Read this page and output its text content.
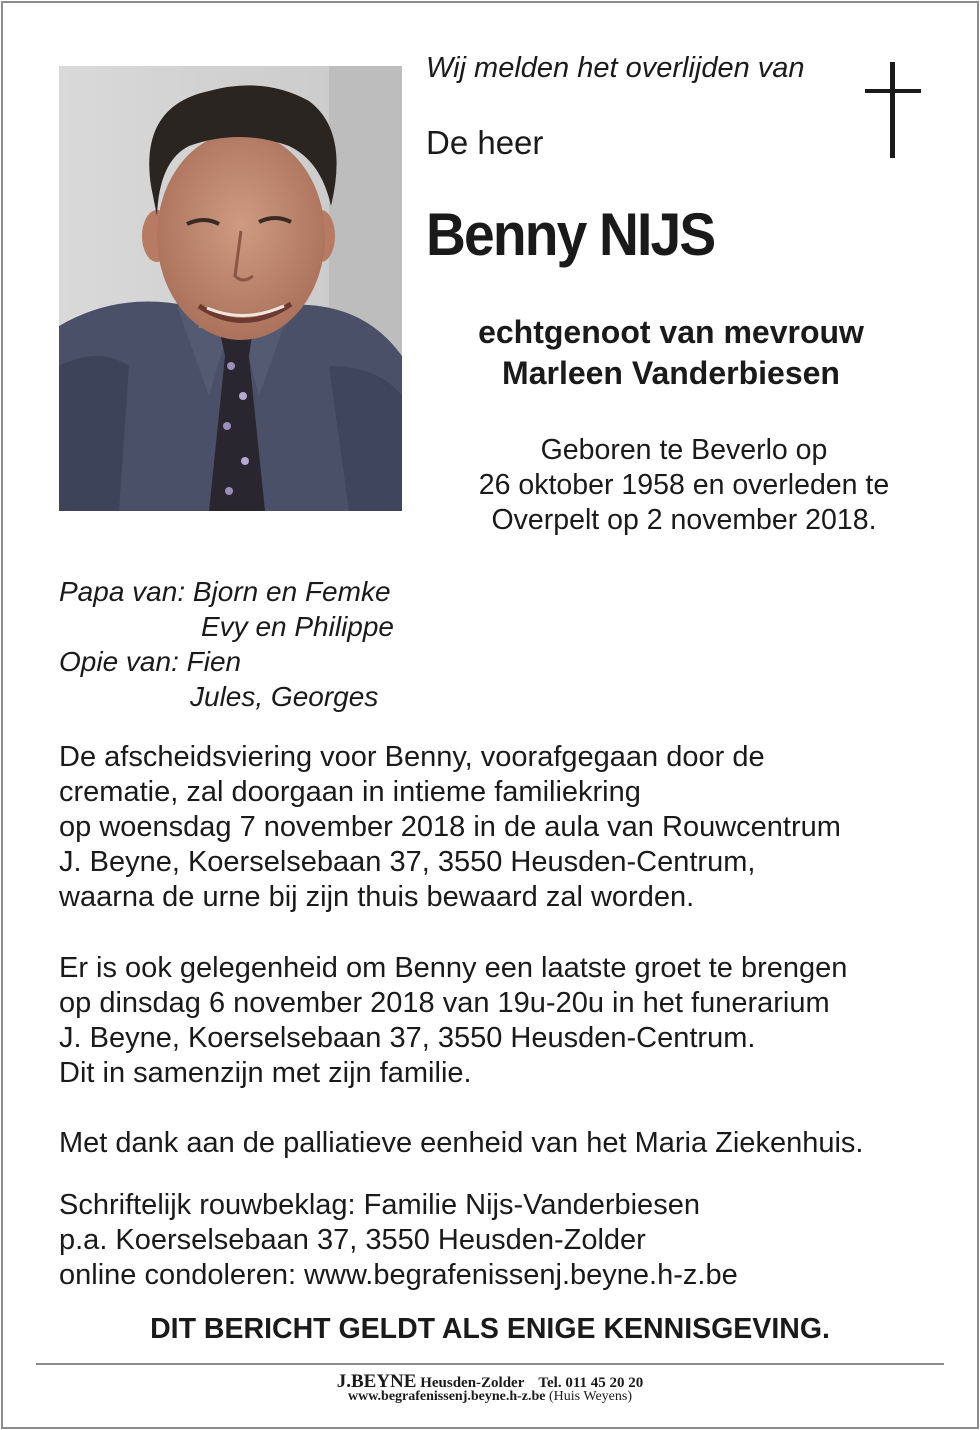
Wij melden het overlijden van
De heer
Benny NIJS
echtgenoot van mevrouw
Marleen Vanderbiesen
Geboren te Beverlo op
26 oktober 1958 en overleden te
Overpelt op 2 november 2018.
Papa van: Bjorn en Femke
Evy en Philippe
Opie van: Fien
Jules, Georges
De afscheidsviering voor Benny, voorafgegaan door de
crematie, zal doorgaan in intieme familiekring
op woensdag 7 november 2018 in de aula van Rouwcentrum
J. Beyne, Koerselsebaan 37, 3550 Heusden-Centrum,
waarna de urne bij zijn thuis bewaard zal worden.
Er is ook gelegenheid om Benny een laatste groet te brengen
op dinsdag 6 november 2018 van 19u-20u in het funerarium
J. Beyne, Koerselsebaan 37, 3550 Heusden-Centrum.
Dit in samenzijn met zijn familie.
Met dank aan de palliatieve eenheid van het Maria Ziekenhuis.
Schriftelijk rouwbeklag: Familie Nijs-Vanderbiesen
p.a. Koerselsebaan 37, 3550 Heusden-Zolder
online condoleren: www.begrafenissenj.beyne.h-z.be
DIT BERICHT GELDT ALS ENIGE KENNISGEVING.
J.BEYNE Heusden-Zolder Tel. 011 45 20 20
www.begrafenissenj.beyne.h-z.be (Huis Weyens)
